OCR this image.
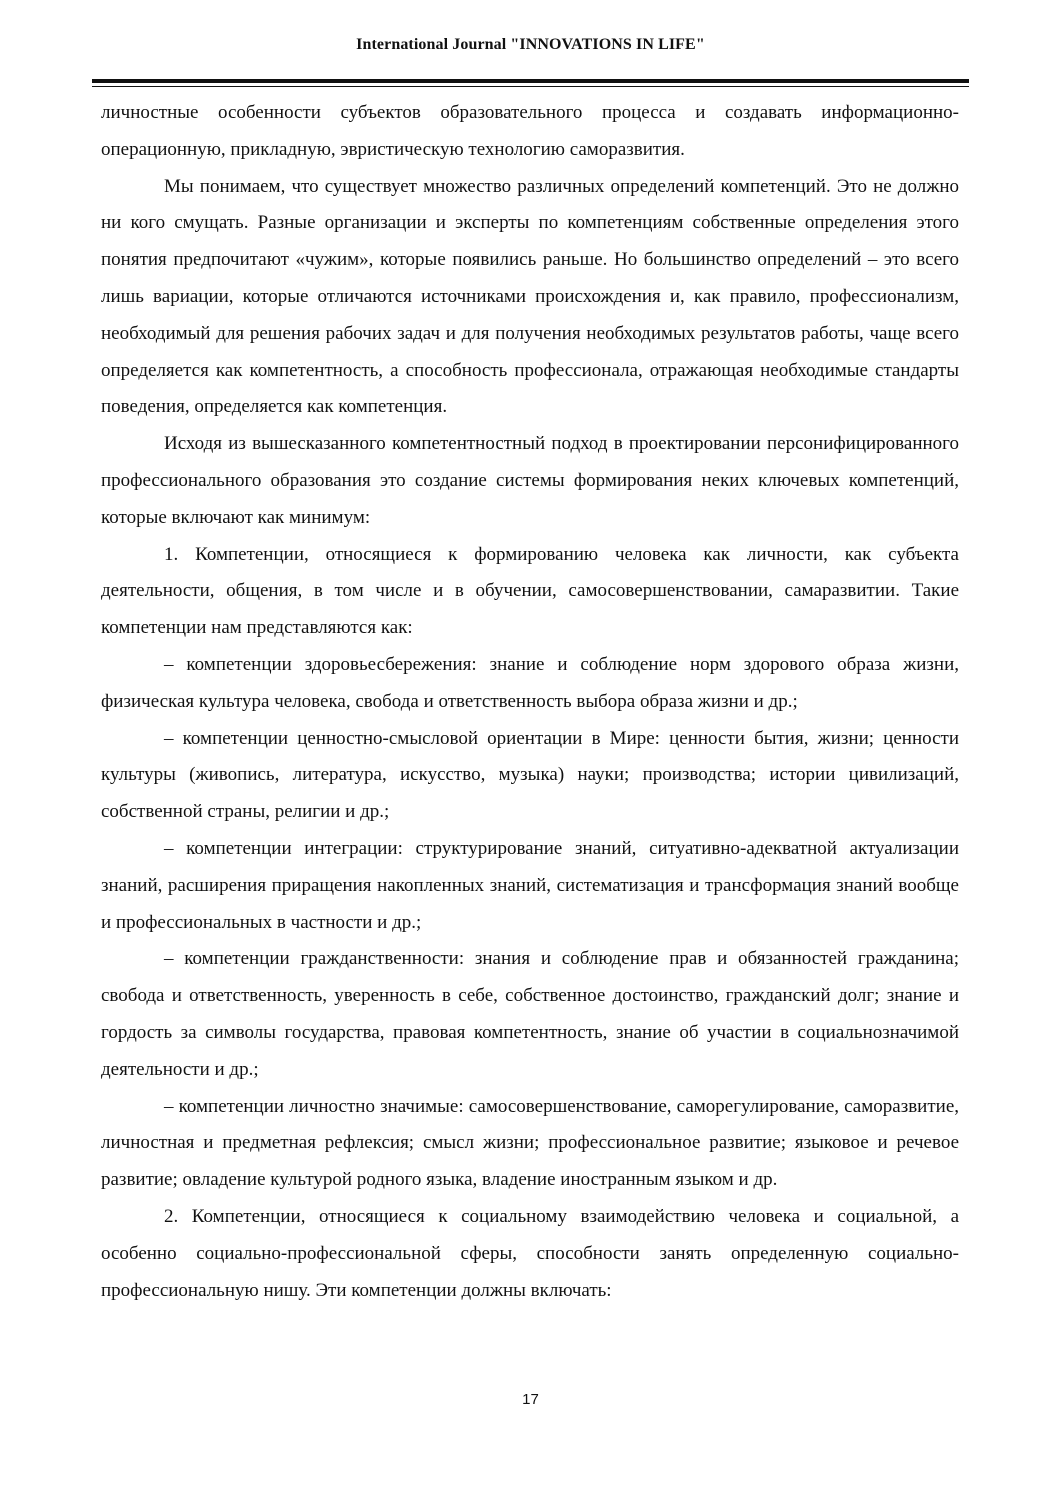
International Journal "INNOVATIONS IN LIFE"

личностные особенности субъектов образовательного процесса и создавать информационно-операционную, прикладную, эвристическую технологию саморазвития.

Мы понимаем, что существует множество различных определений компетенций. Это не должно ни кого смущать. Разные организации и эксперты по компетенциям собственные определения этого понятия предпочитают «чужим», которые появились раньше. Но большинство определений – это всего лишь вариации, которые отличаются источниками происхождения и, как правило, профессионализм, необходимый для решения рабочих задач и для получения необходимых результатов работы, чаще всего определяется как компетентность, а способность профессионала, отражающая необходимые стандарты поведения, определяется как компетенция.

Исходя из вышесказанного компетентностный подход в проектировании персонифицированного профессионального образования это создание системы формирования неких ключевых компетенций, которые включают как минимум:

1. Компетенции, относящиеся к формированию человека как личности, как субъекта деятельности, общения, в том числе и в обучении, самосовершенствовании, самаразвитии. Такие компетенции нам представляются как:

– компетенции здоровьесбережения: знание и соблюдение норм здорового образа жизни, физическая культура человека, свобода и ответственность выбора образа жизни и др.;

– компетенции ценностно-смысловой ориентации в Мире: ценности бытия, жизни; ценности культуры (живопись, литература, искусство, музыка) науки; производства; истории цивилизаций, собственной страны, религии и др.;

– компетенции интеграции: структурирование знаний, ситуативно-адекватной актуализации знаний, расширения приращения накопленных знаний, систематизация и трансформация знаний вообще и профессиональных в частности и др.;

– компетенции гражданственности: знания и соблюдение прав и обязанностей гражданина; свобода и ответственность, уверенность в себе, собственное достоинство, гражданский долг; знание и гордость за символы государства, правовая компетентность, знание об участии в социальнозначимой деятельности и др.;

– компетенции личностно значимые: самосовершенствование, саморегулирование, саморазвитие, личностная и предметная рефлексия; смысл жизни; профессиональное развитие; языковое и речевое развитие; овладение культурой родного языка, владение иностранным языком и др.

2. Компетенции, относящиеся к социальному взаимодействию человека и социальной, а особенно социально-профессиональной сферы, способности занять определенную социально-профессиональную нишу. Эти компетенции должны включать:

17
